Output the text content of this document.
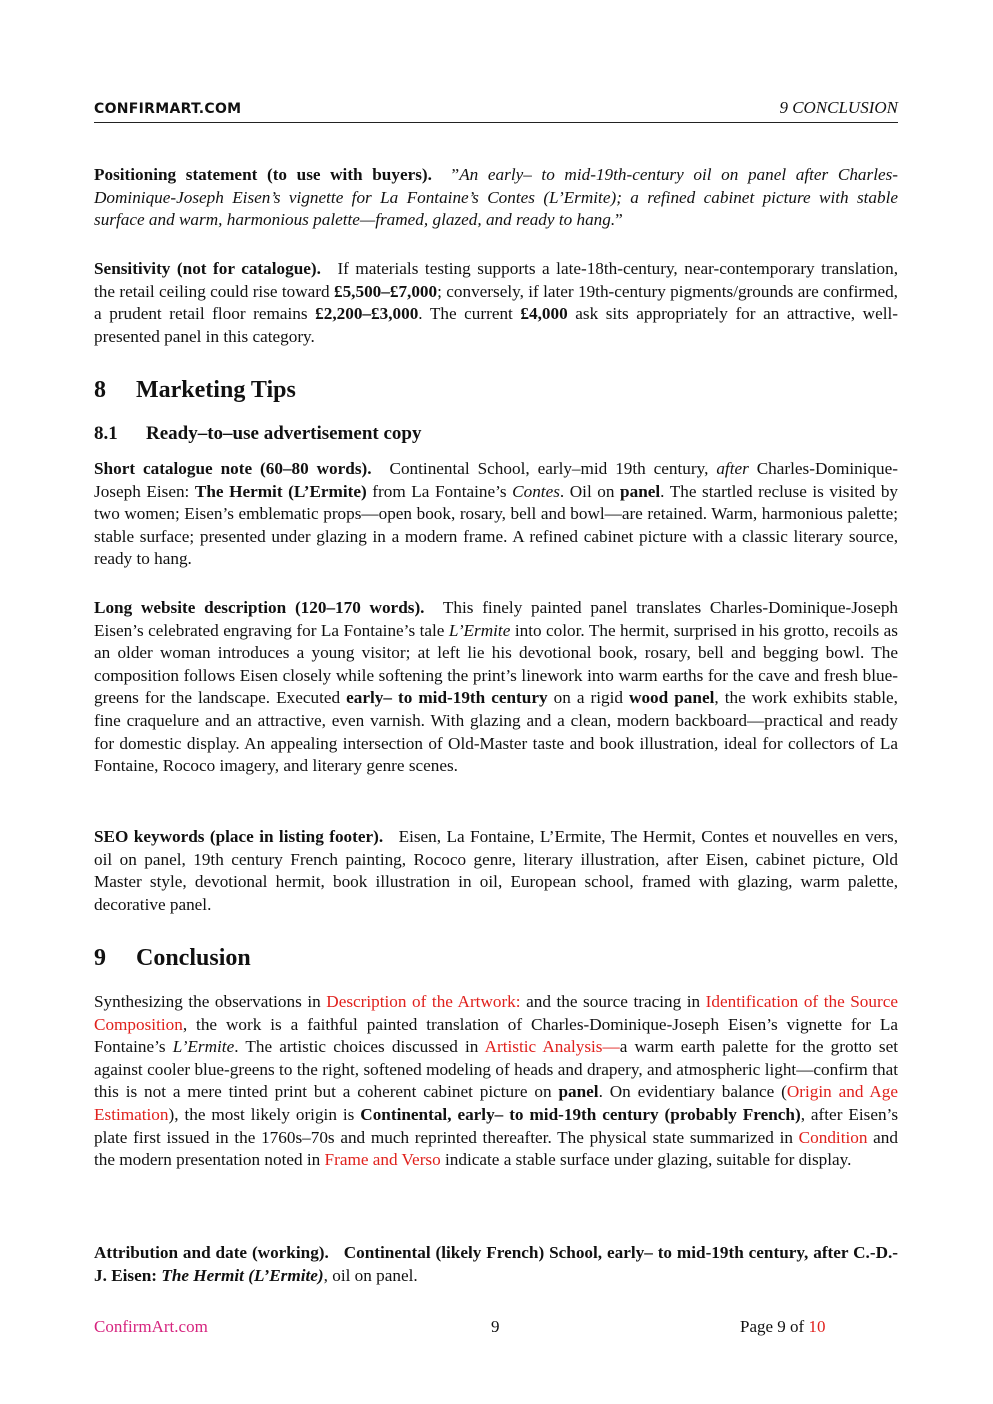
CONFIRMART.COM	9 CONCLUSION

Positioning statement (to use with buyers). ”An early– to mid-19th-century oil on panel after Charles-Dominique-Joseph Eisen’s vignette for La Fontaine’s Contes (L’Ermite); a refined cabinet picture with stable surface and warm, harmonious palette—framed, glazed, and ready to hang.”

Sensitivity (not for catalogue). If materials testing supports a late-18th-century, near-contemporary translation, the retail ceiling could rise toward £5,500–£7,000; conversely, if later 19th-century pigments/grounds are confirmed, a prudent retail floor remains £2,200–£3,000. The current £4,000 ask sits appropriately for an attractive, well-presented panel in this category.

8 Marketing Tips
8.1 Ready–to–use advertisement copy

Short catalogue note (60–80 words). Continental School, early–mid 19th century, after Charles-Dominique-Joseph Eisen: The Hermit (L’Ermite) from La Fontaine’s Contes. Oil on panel. The startled recluse is visited by two women; Eisen’s emblematic props—open book, rosary, bell and bowl—are retained. Warm, harmonious palette; stable surface; presented under glazing in a modern frame. A refined cabinet picture with a classic literary source, ready to hang.

Long website description (120–170 words). This finely painted panel translates Charles-Dominique-Joseph Eisen’s celebrated engraving for La Fontaine’s tale L’Ermite into color. The hermit, surprised in his grotto, recoils as an older woman introduces a young visitor; at left lie his devotional book, rosary, bell and begging bowl. The composition follows Eisen closely while softening the print’s linework into warm earths for the cave and fresh blue-greens for the landscape. Executed early– to mid-19th century on a rigid wood panel, the work exhibits stable, fine craquelure and an attractive, even varnish. With glazing and a clean, modern backboard—practical and ready for domestic display. An appealing intersection of Old-Master taste and book illustration, ideal for collectors of La Fontaine, Rococo imagery, and literary genre scenes.

SEO keywords (place in listing footer). Eisen, La Fontaine, L’Ermite, The Hermit, Contes et nouvelles en vers, oil on panel, 19th century French painting, Rococo genre, literary illustration, after Eisen, cabinet picture, Old Master style, devotional hermit, book illustration in oil, European school, framed with glazing, warm palette, decorative panel.

9 Conclusion

Synthesizing the observations in Description of the Artwork: and the source tracing in Identification of the Source Composition, the work is a faithful painted translation of Charles-Dominique-Joseph Eisen’s vignette for La Fontaine’s L’Ermite. The artistic choices discussed in Artistic Analysis—a warm earth palette for the grotto set against cooler blue-greens to the right, softened modeling of heads and drapery, and atmospheric light—confirm that this is not a mere tinted print but a coherent cabinet picture on panel. On evidentiary balance (Origin and Age Estimation), the most likely origin is Continental, early– to mid-19th century (probably French), after Eisen’s plate first issued in the 1760s–70s and much reprinted thereafter. The physical state summarized in Condition and the modern presentation noted in Frame and Verso indicate a stable surface under glazing, suitable for display.

Attribution and date (working). Continental (likely French) School, early– to mid-19th century, after C.-D.-J. Eisen: The Hermit (L’Ermite), oil on panel.

ConfirmArt.com	9	Page 9 of 10
